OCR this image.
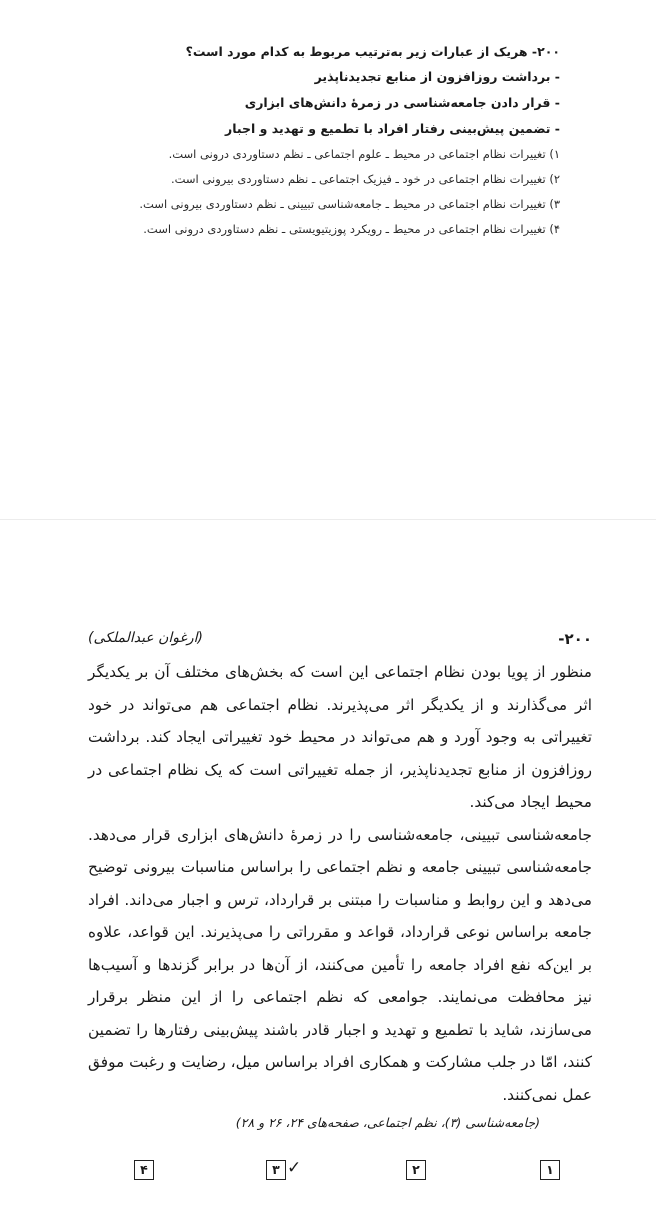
۲۰۰- هریک از عبارات زیر به‌ترتیب مربوط به کدام مورد است؟

- برداشت روزافزون از منابع تجدیدناپذیر

- قرار دادن جامعه‌شناسی در زمرهٔ دانش‌های ابزاری

- تضمین پیش‌بینی رفتار افراد با تطمیع و تهدید و اجبار

۱) تغییرات نظام اجتماعی در محیط ـ علوم اجتماعی ـ نظم دستاوردی درونی است.

۲) تغییرات نظام اجتماعی در خود ـ فیزیک اجتماعی ـ نظم دستاوردی بیرونی است.

۳) تغییرات نظام اجتماعی در محیط ـ جامعه‌شناسی تبیینی ـ نظم دستاوردی بیرونی است.

۴) تغییرات نظام اجتماعی در محیط ـ رویکرد پوزیتیویستی ـ نظم دستاوردی درونی است.

۲۰۰-
(ارغوان عبدالملکی)

منظور از پویا بودن نظام اجتماعی این است که بخش‌های مختلف آن بر یکدیگر اثر می‌گذارند و از یکدیگر اثر می‌پذیرند. نظام اجتماعی هم می‌تواند در خود تغییراتی به وجود آورد و هم می‌تواند در محیط خود تغییراتی ایجاد کند. برداشت روزافزون از منابع تجدیدناپذیر، از جمله تغییراتی است که یک نظام اجتماعی در محیط ایجاد می‌کند.

جامعه‌شناسی تبیینی، جامعه‌شناسی را در زمرهٔ دانش‌های ابزاری قرار می‌دهد. جامعه‌شناسی تبیینی جامعه و نظم اجتماعی را براساس مناسبات بیرونی توضیح می‌دهد و این روابط و مناسبات را مبتنی بر قرارداد، ترس و اجبار می‌داند. افراد جامعه براساس نوعی قرارداد، قواعد و مقرراتی را می‌پذیرند. این قواعد، علاوه بر این‌که نفع افراد جامعه را تأمین می‌کنند، از آن‌ها در برابر گزندها و آسیب‌ها نیز محافظت می‌نمایند. جوامعی که نظم اجتماعی را از این منظر برقرار می‌سازند، شاید با تطمیع و تهدید و اجبار قادر باشند پیش‌بینی رفتارها را تضمین کنند، امّا در جلب مشارکت و همکاری افراد براساس میل، رضایت و رغبت موفق عمل نمی‌کنند.

(جامعه‌شناسی (۳)، نظم اجتماعی، صفحه‌های ۲۴، ۲۶ و ۲۸)

۱
۲
✓
۳
۴
